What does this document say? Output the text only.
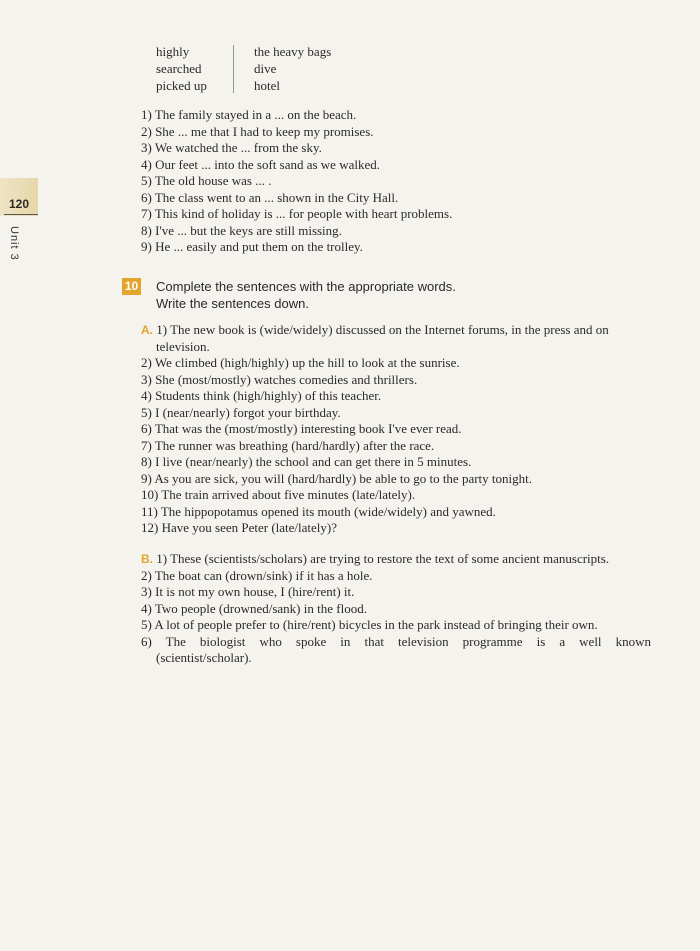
120
Unit 3
highly
searched
picked up
the heavy bags
dive
hotel
1) The family stayed in a ... on the beach.
2) She ... me that I had to keep my promises.
3) We watched the ... from the sky.
4) Our feet ... into the soft sand as we walked.
5) The old house was ... .
6) The class went to an ... shown in the City Hall.
7) This kind of holiday is ... for people with heart problems.
8) I've ... but the keys are still missing.
9) He ... easily and put them on the trolley.
10 Complete the sentences with the appropriate words.
Write the sentences down.
A. 1) The new book is (wide/widely) discussed on the Internet forums, in the press and on
television.
2) We climbed (high/highly) up the hill to look at the sunrise.
3) She (most/mostly) watches comedies and thrillers.
4) Students think (high/highly) of this teacher.
5) I (near/nearly) forgot your birthday.
6) That was the (most/mostly) interesting book I've ever read.
7) The runner was breathing (hard/hardly) after the race.
8) I live (near/nearly) the school and can get there in 5 minutes.
9) As you are sick, you will (hard/hardly) be able to go to the party tonight.
10) The train arrived about five minutes (late/lately).
11) The hippopotamus opened its mouth (wide/widely) and yawned.
12) Have you seen Peter (late/lately)?
B. 1) These (scientists/scholars) are trying to restore the text of some ancient manuscripts.
2) The boat can (drown/sink) if it has a hole.
3) It is not my own house, I (hire/rent) it.
4) Two people (drowned/sank) in the flood.
5) A lot of people prefer to (hire/rent) bicycles in the park instead of bringing their own.
6) The biologist who spoke in that television programme is a well known
(scientist/scholar).
